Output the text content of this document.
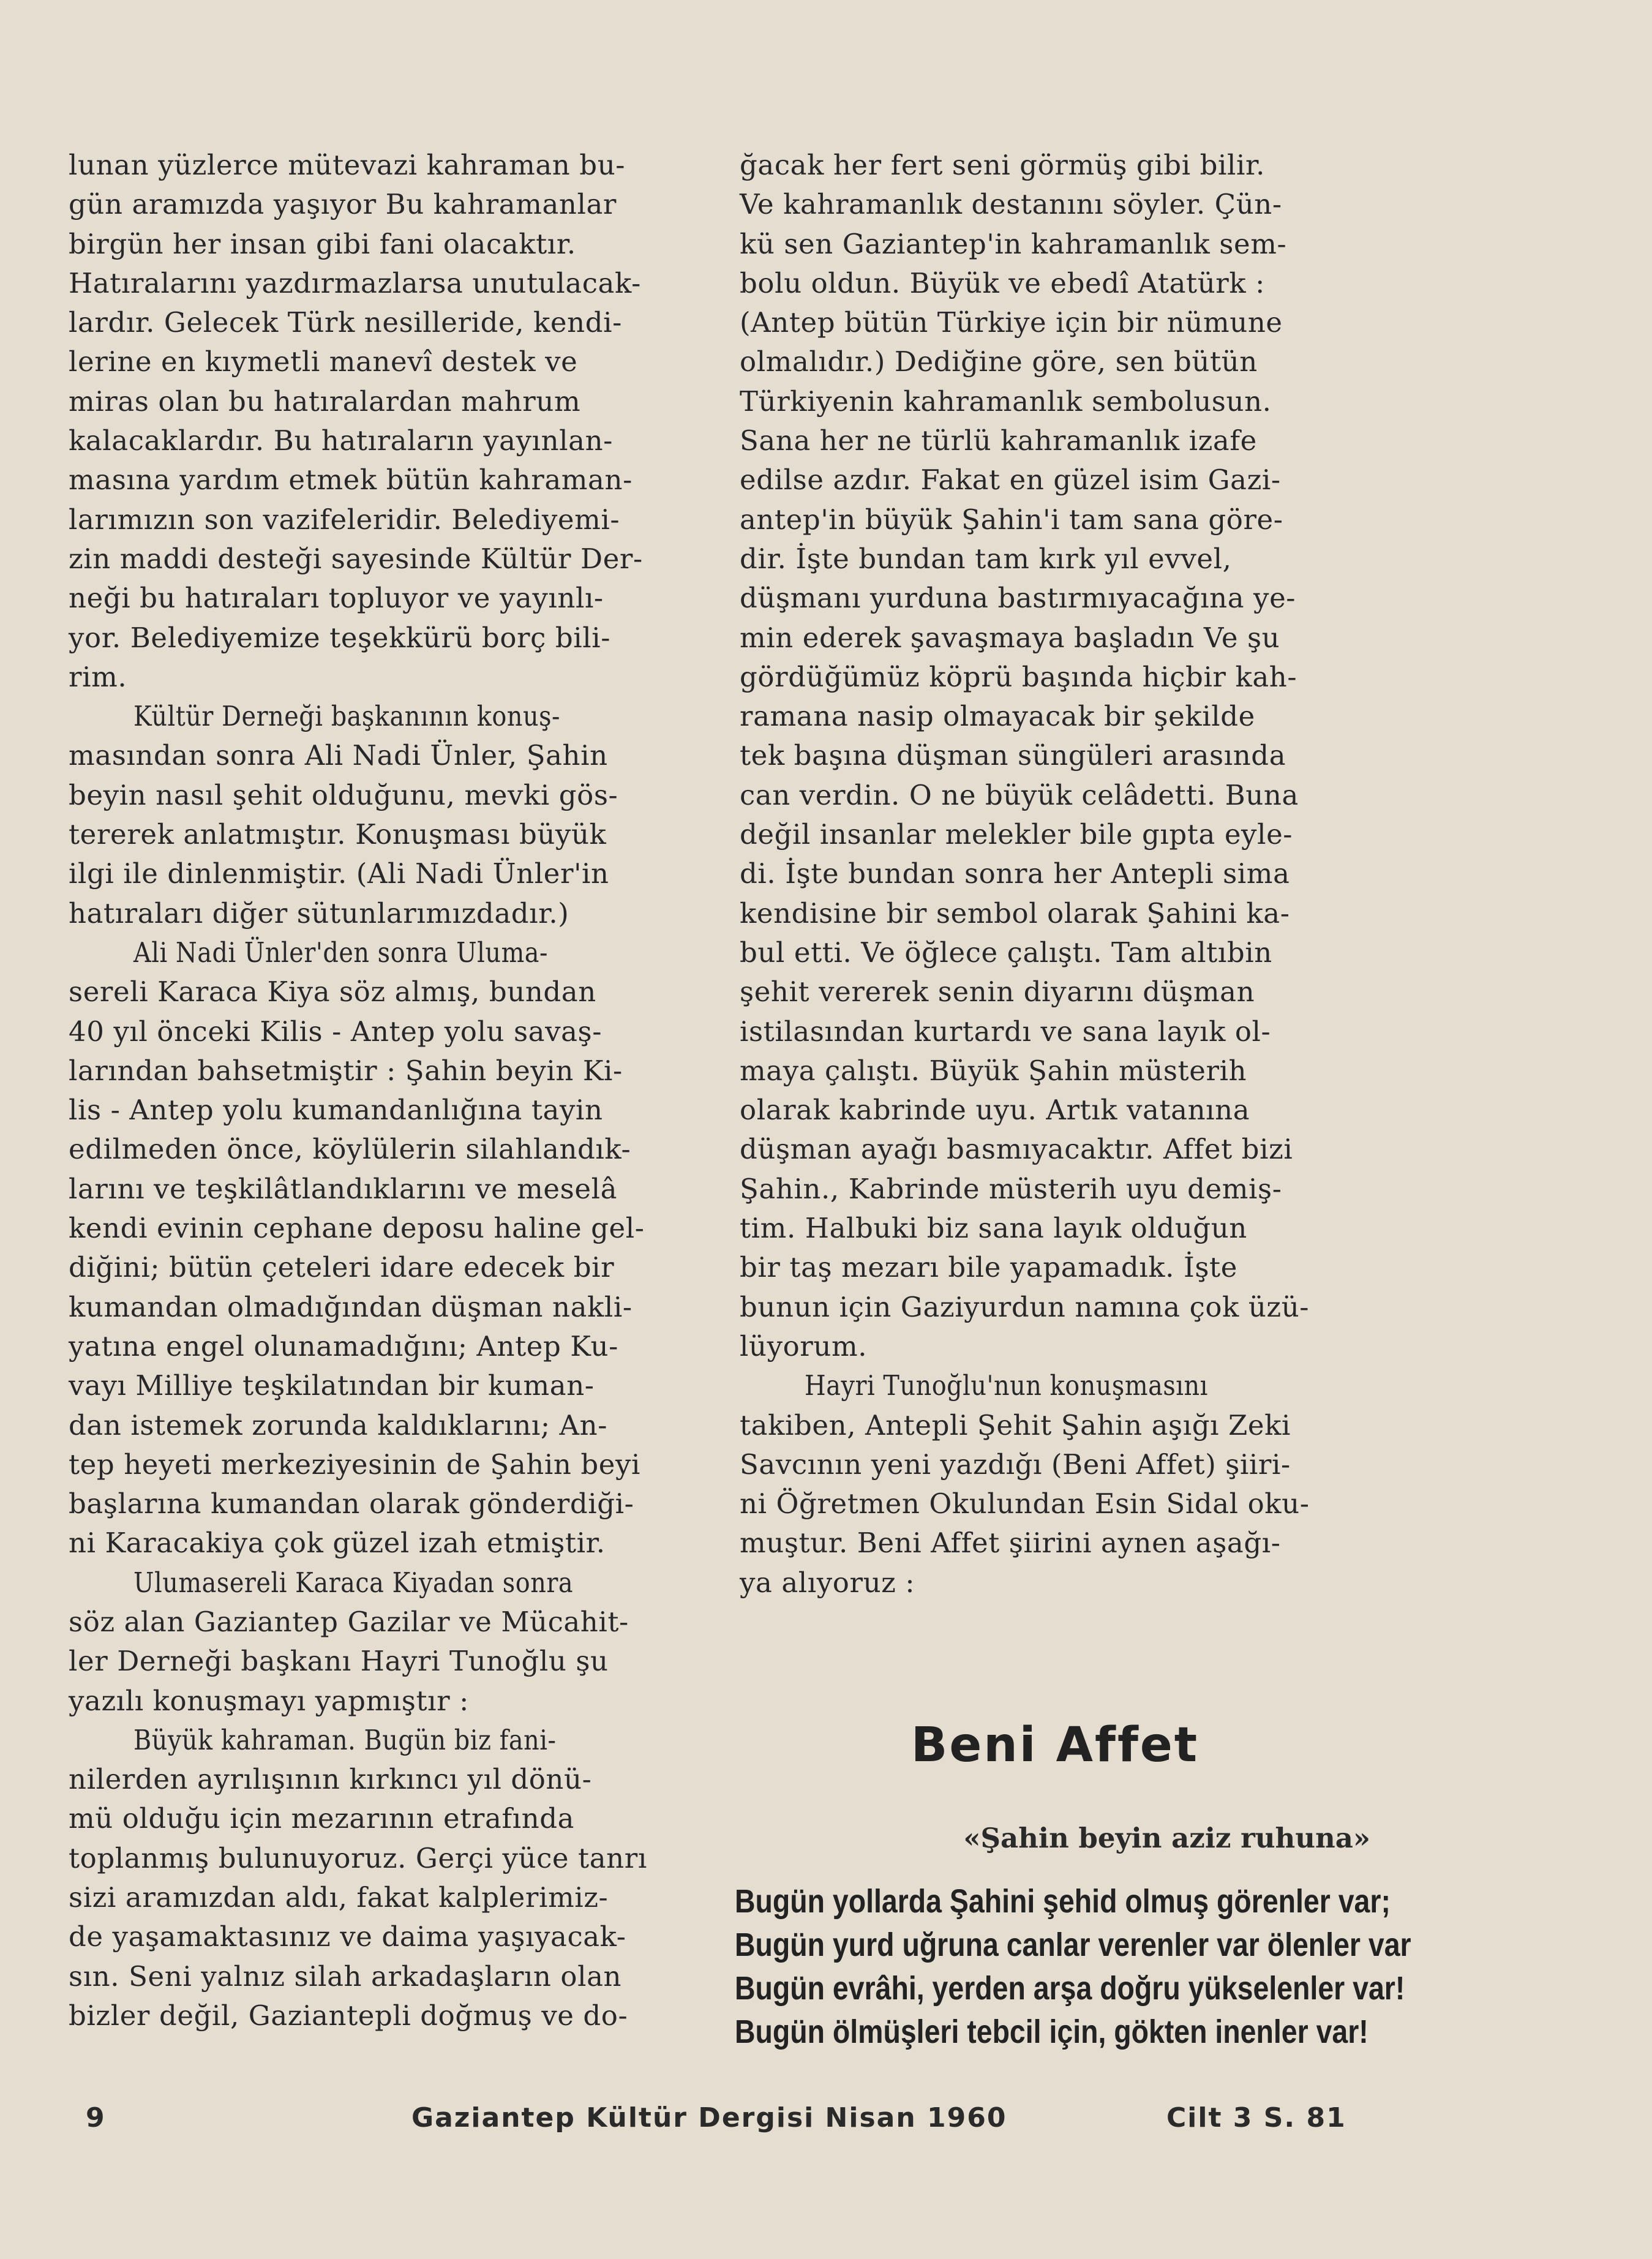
lunan yüzlerce mütevazi kahraman bu-
gün aramızda yaşıyor Bu kahramanlar
birgün her insan gibi fani olacaktır.
Hatıralarını yazdırmazlarsa unutulacak-
lardır. Gelecek Türk nesilleride, kendi-
lerine en kıymetli manevî destek ve
miras olan bu hatıralardan mahrum
kalacaklardır. Bu hatıraların yayınlan-
masına yardım etmek bütün kahraman-
larımızın son vazifeleridir. Belediyemi-
zin maddi desteği sayesinde Kültür Der-
neği bu hatıraları topluyor ve yayınlı-
yor. Belediyemize teşekkürü borç bili-
rim.
Kültür Derneği başkanının konuş-
masından sonra Ali Nadi Ünler, Şahin
beyin nasıl şehit olduğunu, mevki gös-
tererek anlatmıştır. Konuşması büyük
ilgi ile dinlenmiştir. (Ali Nadi Ünler'in
hatıraları diğer sütunlarımızdadır.)
Ali Nadi Ünler'den sonra Uluma-
sereli Karaca Kiya söz almış, bundan
40 yıl önceki Kilis - Antep yolu savaş-
larından bahsetmiştir : Şahin beyin Ki-
lis - Antep yolu kumandanlığına tayin
edilmeden önce, köylülerin silahlandık-
larını ve teşkilâtlandıklarını ve meselâ
kendi evinin cephane deposu haline gel-
diğini; bütün çeteleri idare edecek bir
kumandan olmadığından düşman nakli-
yatına engel olunamadığını; Antep Ku-
vayı Milliye teşkilatından bir kuman-
dan istemek zorunda kaldıklarını; An-
tep heyeti merkeziyesinin de Şahin beyi
başlarına kumandan olarak gönderdiği-
ni Karacakiya çok güzel izah etmiştir.
Ulumasereli Karaca Kiyadan sonra
söz alan Gaziantep Gazilar ve Mücahit-
ler Derneği başkanı Hayri Tunoğlu şu
yazılı konuşmayı yapmıştır :
Büyük kahraman. Bugün biz fani-
nilerden ayrılışının kırkıncı yıl dönü-
mü olduğu için mezarının etrafında
toplanmış bulunuyoruz. Gerçi yüce tanrı
sizi aramızdan aldı, fakat kalplerimiz-
de yaşamaktasınız ve daima yaşıyacak-
sın. Seni yalnız silah arkadaşların olan
bizler değil, Gaziantepli doğmuş ve do-
ğacak her fert seni görmüş gibi bilir.
Ve kahramanlık destanını söyler. Çün-
kü sen Gaziantep'in kahramanlık sem-
bolu oldun. Büyük ve ebedî Atatürk :
(Antep bütün Türkiye için bir nümune
olmalıdır.) Dediğine göre, sen bütün
Türkiyenin kahramanlık sembolusun.
Sana her ne türlü kahramanlık izafe
edilse azdır. Fakat en güzel isim Gazi-
antep'in büyük Şahin'i tam sana göre-
dir. İşte bundan tam kırk yıl evvel,
düşmanı yurduna bastırmıyacağına ye-
min ederek şavaşmaya başladın Ve şu
gördüğümüz köprü başında hiçbir kah-
ramana nasip olmayacak bir şekilde
tek başına düşman süngüleri arasında
can verdin. O ne büyük celâdetti. Buna
değil insanlar melekler bile gıpta eyle-
di. İşte bundan sonra her Antepli sima
kendisine bir sembol olarak Şahini ka-
bul etti. Ve öğlece çalıştı. Tam altıbin
şehit vererek senin diyarını düşman
istilasından kurtardı ve sana layık ol-
maya çalıştı. Büyük Şahin müsterih
olarak kabrinde uyu. Artık vatanına
düşman ayağı basmıyacaktır. Affet bizi
Şahin., Kabrinde müsterih uyu demiş-
tim. Halbuki biz sana layık olduğun
bir taş mezarı bile yapamadık. İşte
bunun için Gaziyurdun namına çok üzü-
lüyorum.
Hayri Tunoğlu'nun konuşmasını
takiben, Antepli Şehit Şahin aşığı Zeki
Savcının yeni yazdığı (Beni Affet) şiiri-
ni Öğretmen Okulundan Esin Sidal oku-
muştur. Beni Affet şiirini aynen aşağı-
ya alıyoruz :
Beni Affet
«Şahin beyin aziz ruhuna»
Bugün yollarda Şahini şehid olmuş görenler var;
Bugün yurd uğruna canlar verenler var ölenler var
Bugün evrâhi, yerden arşa doğru yükselenler var!
Bugün ölmüşleri tebcil için, gökten inenler var!
9	Gaziantep Kültür Dergisi Nisan 1960	Cilt 3 S. 81
